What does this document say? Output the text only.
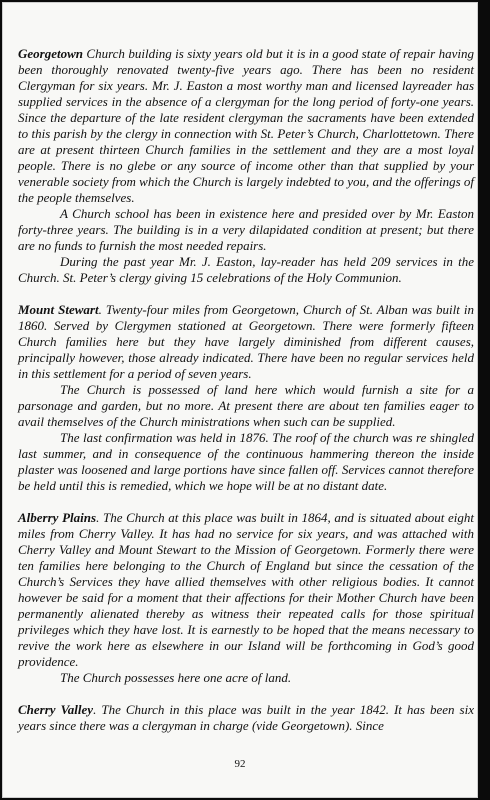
Georgetown Church building is sixty years old but it is in a good state of repair having been thoroughly renovated twenty-five years ago. There has been no resident Clergyman for six years. Mr. J. Easton a most worthy man and licensed layreader has supplied services in the absence of a clergyman for the long period of forty-one years. Since the departure of the late resident clergyman the sacraments have been extended to this parish by the clergy in connection with St. Peter’s Church, Charlottetown. There are at present thirteen Church families in the settlement and they are a most loyal people. There is no glebe or any source of income other than that supplied by your venerable society from which the Church is largely indebted to you, and the offerings of the people themselves.

A Church school has been in existence here and presided over by Mr. Easton forty-three years. The building is in a very dilapidated condition at present; but there are no funds to furnish the most needed repairs.

During the past year Mr. J. Easton, lay-reader has held 209 services in the Church. St. Peter’s clergy giving 15 celebrations of the Holy Communion.

Mount Stewart. Twenty-four miles from Georgetown, Church of St. Alban was built in 1860. Served by Clergymen stationed at Georgetown. There were formerly fifteen Church families here but they have largely diminished from different causes, principally however, those already indicated. There have been no regular services held in this settlement for a period of seven years.

The Church is possessed of land here which would furnish a site for a parsonage and garden, but no more. At present there are about ten families eager to avail themselves of the Church ministrations when such can be supplied.

The last confirmation was held in 1876. The roof of the church was re shingled last summer, and in consequence of the continuous hammering thereon the inside plaster was loosened and large portions have since fallen off. Services cannot therefore be held until this is remedied, which we hope will be at no distant date.

Alberry Plains. The Church at this place was built in 1864, and is situated about eight miles from Cherry Valley. It has had no service for six years, and was attached with Cherry Valley and Mount Stewart to the Mission of Georgetown. Formerly there were ten families here belonging to the Church of England but since the cessation of the Church’s Services they have allied themselves with other religious bodies. It cannot however be said for a moment that their affections for their Mother Church have been permanently alienated thereby as witness their repeated calls for those spiritual privileges which they have lost. It is earnestly to be hoped that the means necessary to revive the work here as elsewhere in our Island will be forthcoming in God’s good providence.

The Church possesses here one acre of land.

Cherry Valley. The Church in this place was built in the year 1842. It has been six years since there was a clergyman in charge (vide Georgetown). Since

92
